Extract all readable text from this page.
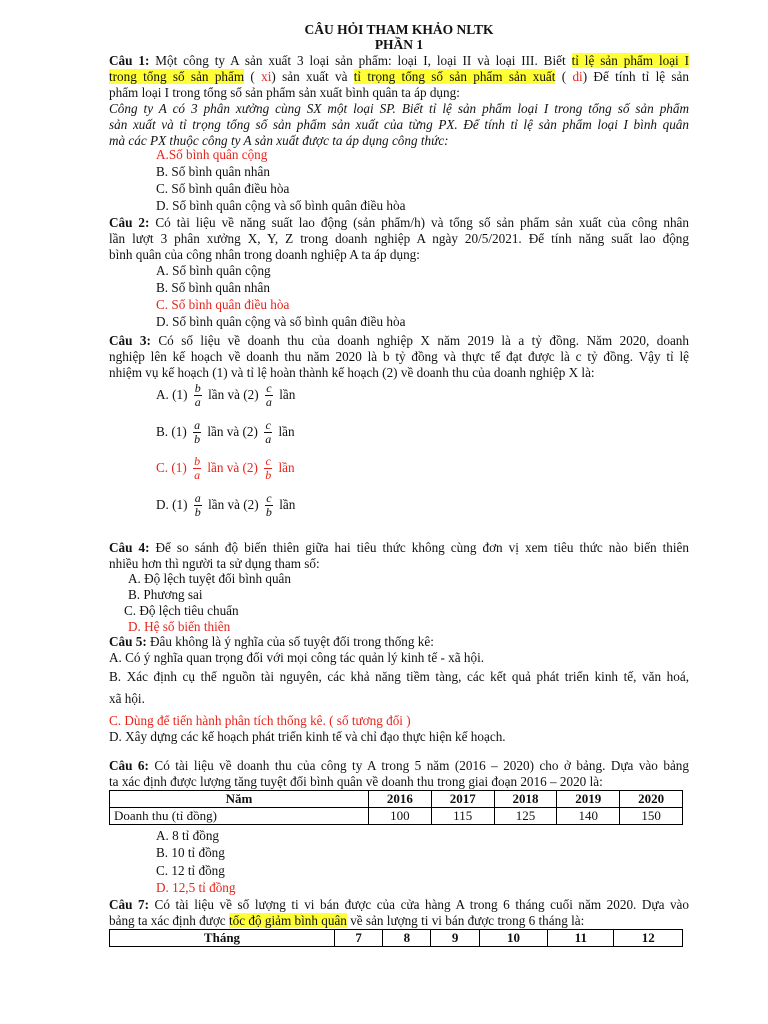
CÂU HỎI THAM KHẢO NLTK
PHẦN 1
Câu 1: Một công ty A sản xuất 3 loại sản phẩm: loại I, loại II và loại III. Biết tỉ lệ sản phẩm loại I
trong tổng số sản phẩm ( xi) sản xuất và tỉ trọng tổng số sản phẩm sản xuất ( di) Để tính tỉ lệ sản
phẩm loại I trong tổng số sản phẩm sản xuất bình quân ta áp dụng:
Công ty A có 3 phân xưởng cùng SX một loại SP. Biết tỉ lệ sản phẩm loại I trong tổng số sản phẩm
sản xuất và tỉ trọng tổng số sản phẩm sản xuất của từng PX. Để tính tỉ lệ sản phẩm loại I bình quân
mà các PX thuộc công ty A sản xuất được ta áp dụng công thức:
A.Số bình quân cộng
B. Số bình quân nhân
C. Số bình quân điều hòa
D. Số bình quân cộng và số bình quân điều hòa
Câu 2: Có tài liệu về năng suất lao động (sản phẩm/h) và tổng số sản phẩm sản xuất của công nhân
lần lượt 3 phân xưởng X, Y, Z trong doanh nghiệp A ngày 20/5/2021. Để tính năng suất lao động
bình quân của công nhân trong doanh nghiệp A ta áp dụng:
A. Số bình quân cộng
B. Số bình quân nhân
C. Số bình quân điều hòa
D. Số bình quân cộng và số bình quân điều hòa
Câu 3: Có số liệu về doanh thu của doanh nghiệp X năm 2019 là a tỷ đồng. Năm 2020, doanh
nghiệp lên kế hoạch về doanh thu năm 2020 là b tỷ đồng và thực tế đạt được là c tỷ đồng. Vậy tỉ lệ
nhiệm vụ kế hoạch (1) và tỉ lệ hoàn thành kế hoạch (2) về doanh thu của doanh nghiệp X là:
A. $(1) \frac{b}{a}$ lần và $(2) \frac{c}{a}$ lần
B. $(1) \frac{a}{b}$ lần và $(2) \frac{c}{a}$ lần
C. $(1) \frac{b}{a}$ lần và $(2) \frac{c}{b}$ lần
D. $(1) \frac{a}{b}$ lần và $(2) \frac{c}{b}$ lần
Câu 4: Để so sánh độ biến thiên giữa hai tiêu thức không cùng đơn vị xem tiêu thức nào biến thiên
nhiều hơn thì người ta sử dụng tham số:
A. Độ lệch tuyệt đối bình quân
B. Phương sai
C. Độ lệch tiêu chuẩn
D. Hệ số biến thiên
Câu 5: Đâu không là ý nghĩa của số tuyệt đối trong thống kê:
A. Có ý nghĩa quan trọng đối với mọi công tác quản lý kinh tế - xã hội.
B. Xác định cụ thể nguồn tài nguyên, các khả năng tiềm tàng, các kết quả phát triển kinh tế, văn hoá,
xã hội.
C. Dùng để tiến hành phân tích thống kê. ( số tương đối )
D. Xây dựng các kế hoạch phát triển kinh tế và chỉ đạo thực hiện kế hoạch.
Câu 6: Có tài liệu về doanh thu của công ty A trong 5 năm (2016 – 2020) cho ở bảng. Dựa vào bảng
ta xác định được lượng tăng tuyệt đối bình quân về doanh thu trong giai đoạn 2016 – 2020 là:
Năm	2016	2017	2018	2019	2020
Doanh thu (tỉ đồng)	100	115	125	140	150
A. 8 tỉ đồng
B. 10 tỉ đồng
C. 12 tỉ đồng
D. 12,5 tỉ đồng
Câu 7: Có tài liệu về số lượng ti vi bán được của cửa hàng A trong 6 tháng cuối năm 2020. Dựa vào
bảng ta xác định được tốc độ giảm bình quân về sản lượng ti vi bán được trong 6 tháng là:
Tháng	7	8	9	10	11	12
